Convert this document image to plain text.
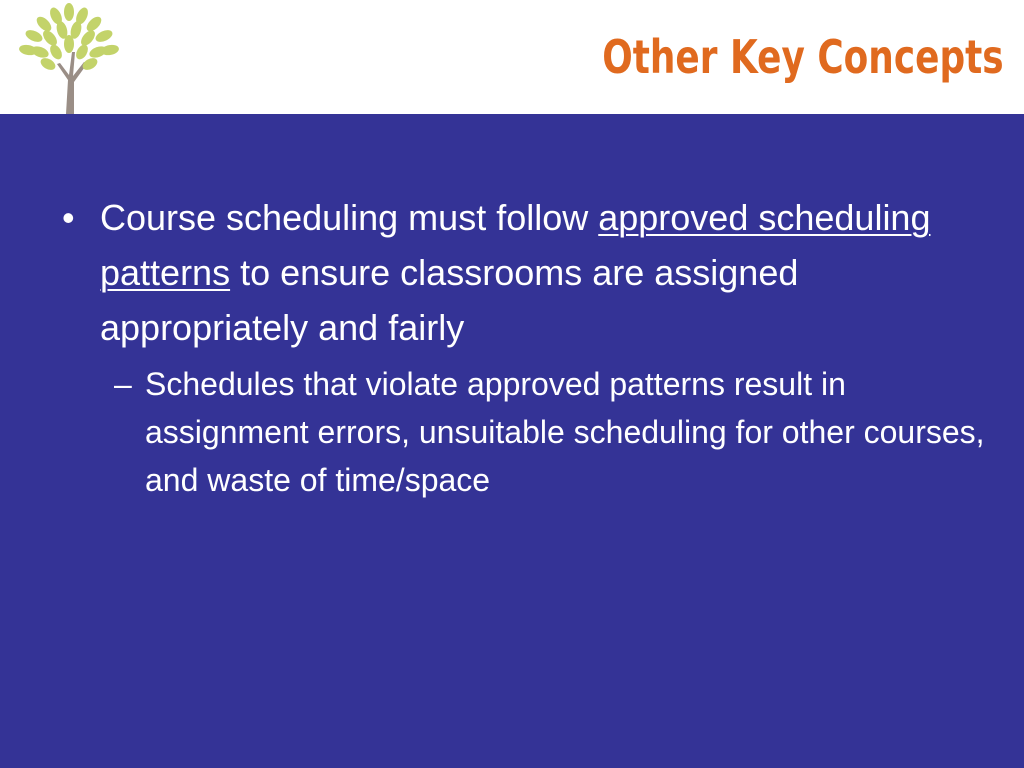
Other Key Concepts
• Course scheduling must follow approved scheduling patterns to ensure classrooms are assigned appropriately and fairly
– Schedules that violate approved patterns result in assignment errors, unsuitable scheduling for other courses, and waste of time/space
